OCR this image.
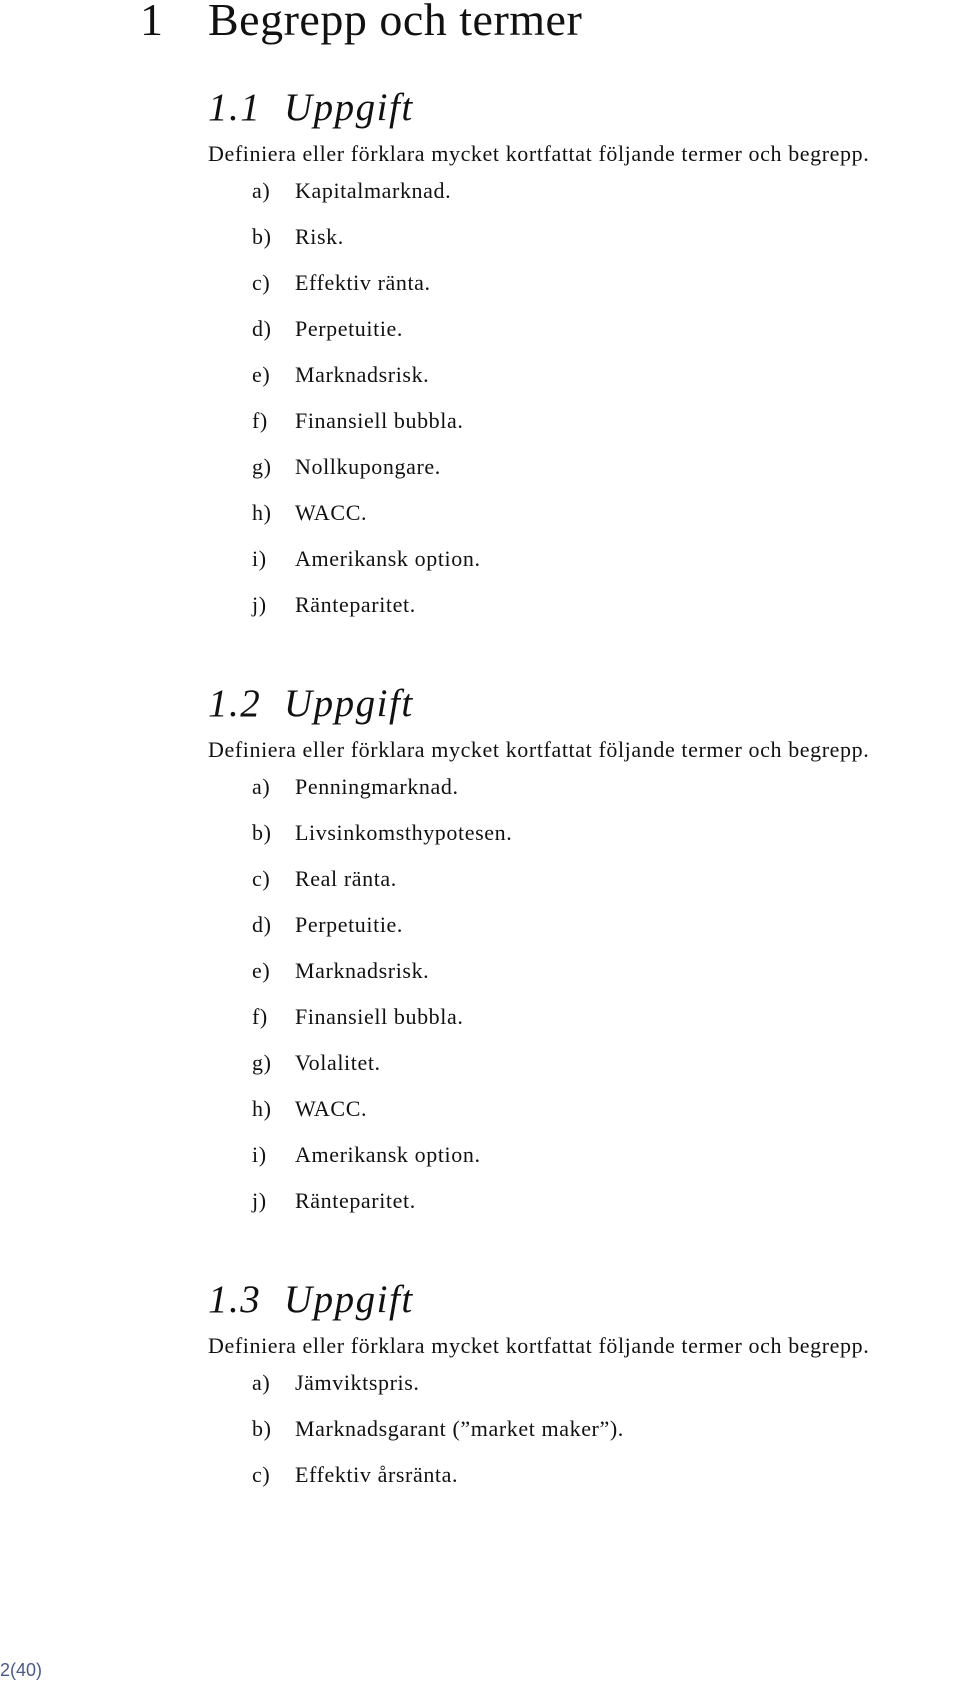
1 Begrepp och termer
1.1 Uppgift

Definiera eller förklara mycket kortfattat följande termer och begrepp.

a) Kapitalmarknad.
b) Risk.
c) Effektiv ränta.
d) Perpetuitie.
e) Marknadsrisk.
f) Finansiell bubbla.
g) Nollkupongare.
h) WACC.
i) Amerikansk option.
j) Ränteparitet.
1.2 Uppgift

Definiera eller förklara mycket kortfattat följande termer och begrepp.

a) Penningmarknad.
b) Livsinkomsthypotesen.
c) Real ränta.
d) Perpetuitie.
e) Marknadsrisk.
f) Finansiell bubbla.
g) Volalitet.
h) WACC.
i) Amerikansk option.
j) Ränteparitet.
1.3 Uppgift

Definiera eller förklara mycket kortfattat följande termer och begrepp.

a) Jämviktspris.
b) Marknadsgarant (”market maker”).
c) Effektiv årsränta.
2(40)
